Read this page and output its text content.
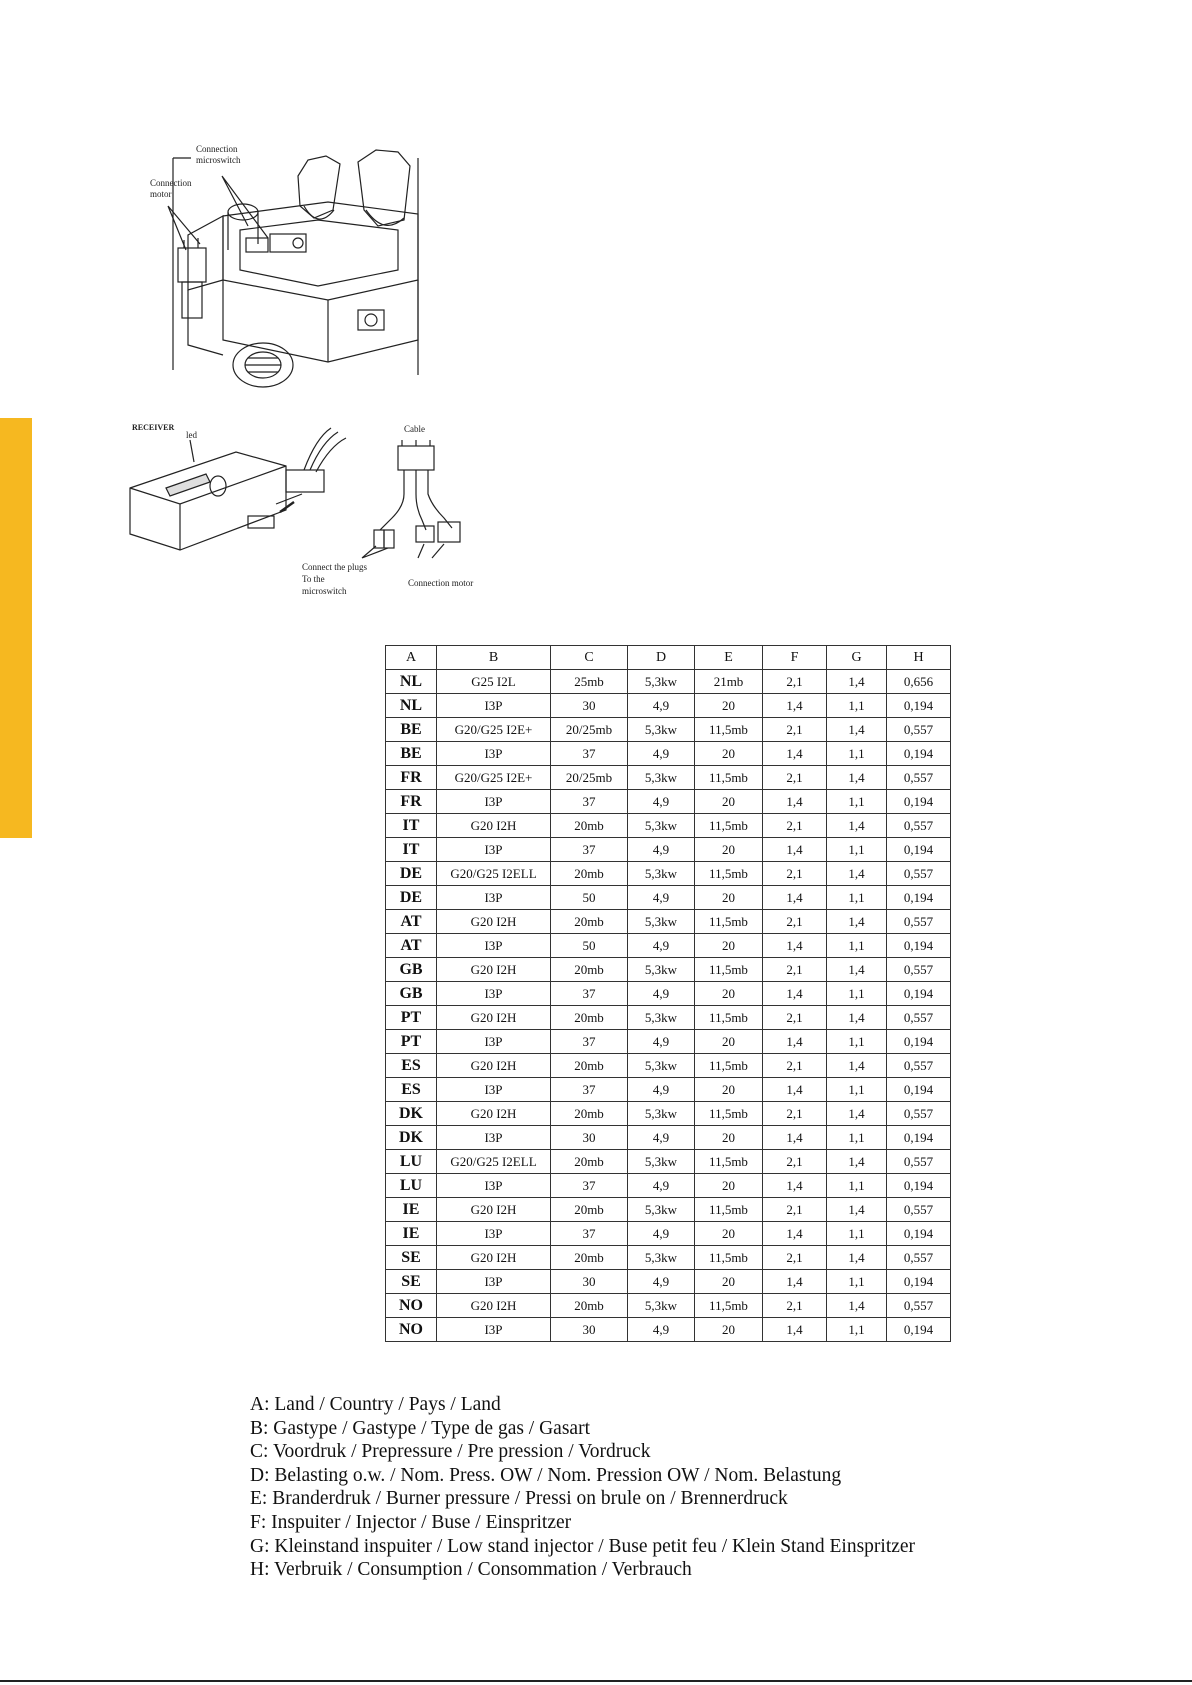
Connection
microswitch
Connection
motor
RECEIVER
led
Cable
Connect the plugs
To the
microswitch
Connection motor
A	B	C	D	E	F	G	H
NL	G25 I2L	25mb	5,3kw	21mb	2,1	1,4	0,656
NL	I3P	30	4,9	20	1,4	1,1	0,194
BE	G20/G25 I2E+	20/25mb	5,3kw	11,5mb	2,1	1,4	0,557
BE	I3P	37	4,9	20	1,4	1,1	0,194
FR	G20/G25 I2E+	20/25mb	5,3kw	11,5mb	2,1	1,4	0,557
FR	I3P	37	4,9	20	1,4	1,1	0,194
IT	G20 I2H	20mb	5,3kw	11,5mb	2,1	1,4	0,557
IT	I3P	37	4,9	20	1,4	1,1	0,194
DE	G20/G25 I2ELL	20mb	5,3kw	11,5mb	2,1	1,4	0,557
DE	I3P	50	4,9	20	1,4	1,1	0,194
AT	G20 I2H	20mb	5,3kw	11,5mb	2,1	1,4	0,557
AT	I3P	50	4,9	20	1,4	1,1	0,194
GB	G20 I2H	20mb	5,3kw	11,5mb	2,1	1,4	0,557
GB	I3P	37	4,9	20	1,4	1,1	0,194
PT	G20 I2H	20mb	5,3kw	11,5mb	2,1	1,4	0,557
PT	I3P	37	4,9	20	1,4	1,1	0,194
ES	G20 I2H	20mb	5,3kw	11,5mb	2,1	1,4	0,557
ES	I3P	37	4,9	20	1,4	1,1	0,194
DK	G20 I2H	20mb	5,3kw	11,5mb	2,1	1,4	0,557
DK	I3P	30	4,9	20	1,4	1,1	0,194
LU	G20/G25 I2ELL	20mb	5,3kw	11,5mb	2,1	1,4	0,557
LU	I3P	37	4,9	20	1,4	1,1	0,194
IE	G20 I2H	20mb	5,3kw	11,5mb	2,1	1,4	0,557
IE	I3P	37	4,9	20	1,4	1,1	0,194
SE	G20 I2H	20mb	5,3kw	11,5mb	2,1	1,4	0,557
SE	I3P	30	4,9	20	1,4	1,1	0,194
NO	G20 I2H	20mb	5,3kw	11,5mb	2,1	1,4	0,557
NO	I3P	30	4,9	20	1,4	1,1	0,194
A: Land / Country / Pays / Land
B: Gastype / Gastype / Type de gas / Gasart
C: Voordruk / Prepressure / Pre pression / Vordruck
D: Belasting o.w. / Nom. Press. OW / Nom. Pression OW / Nom. Belastung
E: Branderdruk / Burner pressure / Pressi on brule on / Brennerdruck
F: Inspuiter / Injector / Buse / Einspritzer
G: Kleinstand inspuiter / Low stand injector / Buse petit feu / Klein Stand Einspritzer
H: Verbruik / Consumption / Consommation / Verbrauch
